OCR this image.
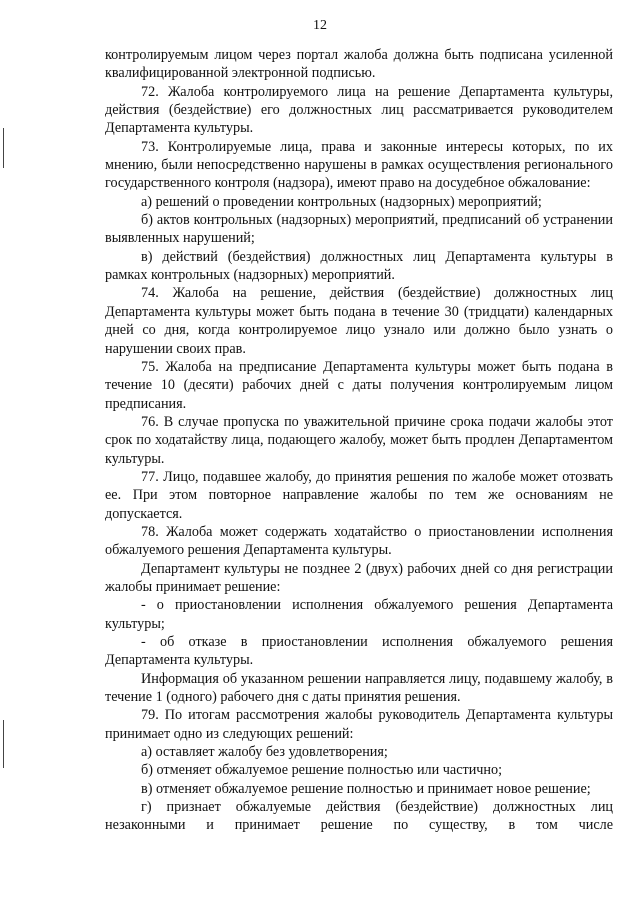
12

контролируемым лицом через портал жалоба должна быть подписана усиленной квалифицированной электронной подписью.

72. Жалоба контролируемого лица на решение Департамента культуры, действия (бездействие) его должностных лиц рассматривается руководителем Департамента культуры.

73. Контролируемые лица, права и законные интересы которых, по их мнению, были непосредственно нарушены в рамках осуществления регионального государственного контроля (надзора), имеют право на досудебное обжалование:

а) решений о проведении контрольных (надзорных) мероприятий;

б) актов контрольных (надзорных) мероприятий, предписаний об устранении выявленных нарушений;

в) действий (бездействия) должностных лиц Департамента культуры в рамках контрольных (надзорных) мероприятий.

74. Жалоба на решение, действия (бездействие) должностных лиц Департамента культуры может быть подана в течение 30 (тридцати) календарных дней со дня, когда контролируемое лицо узнало или должно было узнать о нарушении своих прав.

75. Жалоба на предписание Департамента культуры может быть подана в течение 10 (десяти) рабочих дней с даты получения контролируемым лицом предписания.

76. В случае пропуска по уважительной причине срока подачи жалобы этот срок по ходатайству лица, подающего жалобу, может быть продлен Департаментом культуры.

77. Лицо, подавшее жалобу, до принятия решения по жалобе может отозвать ее. При этом повторное направление жалобы по тем же основаниям не допускается.

78. Жалоба может содержать ходатайство о приостановлении исполнения обжалуемого решения Департамента культуры.

Департамент культуры не позднее 2 (двух) рабочих дней со дня регистрации жалобы принимает решение:

- о приостановлении исполнения обжалуемого решения Департамента культуры;

- об отказе в приостановлении исполнения обжалуемого решения Департамента культуры.

Информация об указанном решении направляется лицу, подавшему жалобу, в течение 1 (одного) рабочего дня с даты принятия решения.

79. По итогам рассмотрения жалобы руководитель Департамента культуры принимает одно из следующих решений:

а) оставляет жалобу без удовлетворения;

б) отменяет обжалуемое решение полностью или частично;

в) отменяет обжалуемое решение полностью и принимает новое решение;

г) признает обжалуемые действия (бездействие) должностных лиц незаконными и принимает решение по существу, в том числе
